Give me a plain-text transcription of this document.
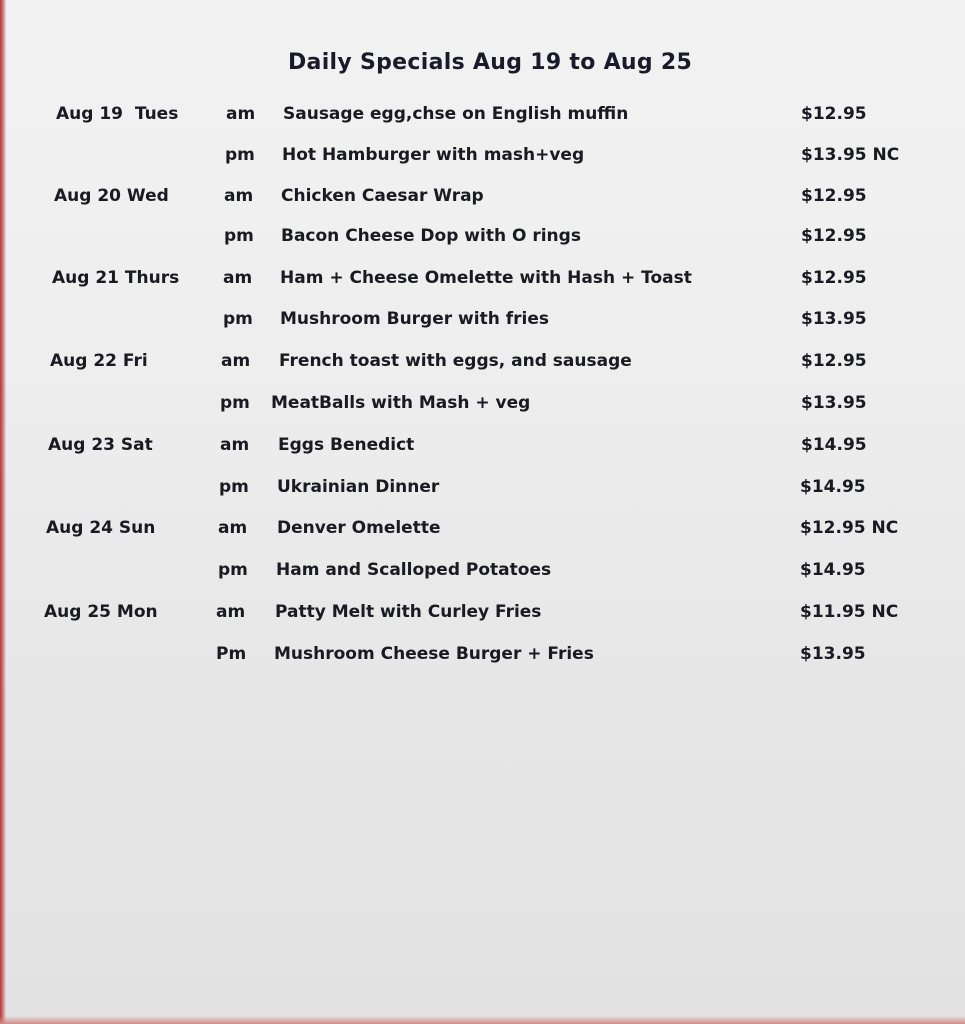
Daily Specials Aug 19 to Aug 25
Aug 19  Tues	am Sausage egg,chse on English muffin	$12.95
pm Hot Hamburger with mash+veg	$13.95 NC
Aug 20 Wed	am Chicken Caesar Wrap	$12.95
pm Bacon Cheese Dop with O rings	$12.95
Aug 21 Thurs	am Ham + Cheese Omelette with Hash + Toast	$12.95
pm Mushroom Burger with fries	$13.95
Aug 22 Fri	am French toast with eggs, and sausage	$12.95
pm MeatBalls with Mash + veg	$13.95
Aug 23 Sat	am Eggs Benedict	$14.95
pm Ukrainian Dinner	$14.95
Aug 24 Sun	am Denver Omelette	$12.95 NC
pm Ham and Scalloped Potatoes	$14.95
Aug 25 Mon	am Patty Melt with Curley Fries	$11.95 NC
Pm Mushroom Cheese Burger + Fries	$13.95
